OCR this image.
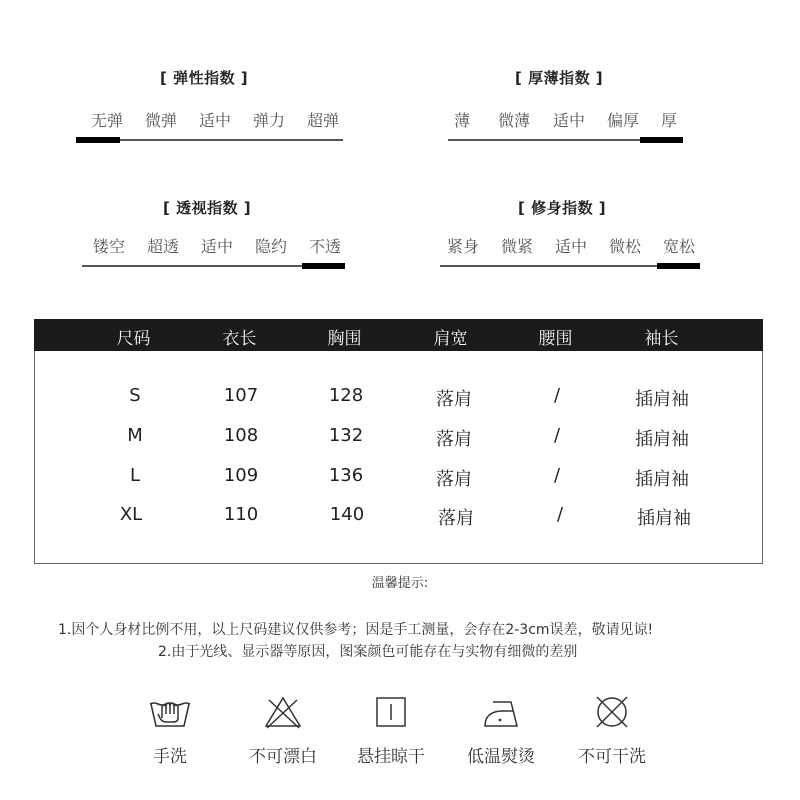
[ 弹性指数 ]
无弹	微弹	适中	弹力	超弹
[ 厚薄指数 ]
薄	微薄	适中	偏厚	厚
[ 透视指数 ]
镂空	超透	适中	隐约	不透
[ 修身指数 ]
紧身	微紧	适中	微松	宽松
尺码	衣长	胸围	肩宽	腰围	袖长
S	107	128	落肩	/	插肩袖
M	108	132	落肩	/	插肩袖
L	109	136	落肩	/	插肩袖
XL	110	140	落肩	/	插肩袖
温馨提示:
1.因个人身材比例不用，以上尺码建议仅供参考；因是手工测量，会存在2-3cm误差，敬请见谅!
2.由于光线、显示器等原因，图案颜色可能存在与实物有细微的差别
手洗	不可漂白	悬挂晾干	低温熨烫	不可干洗
